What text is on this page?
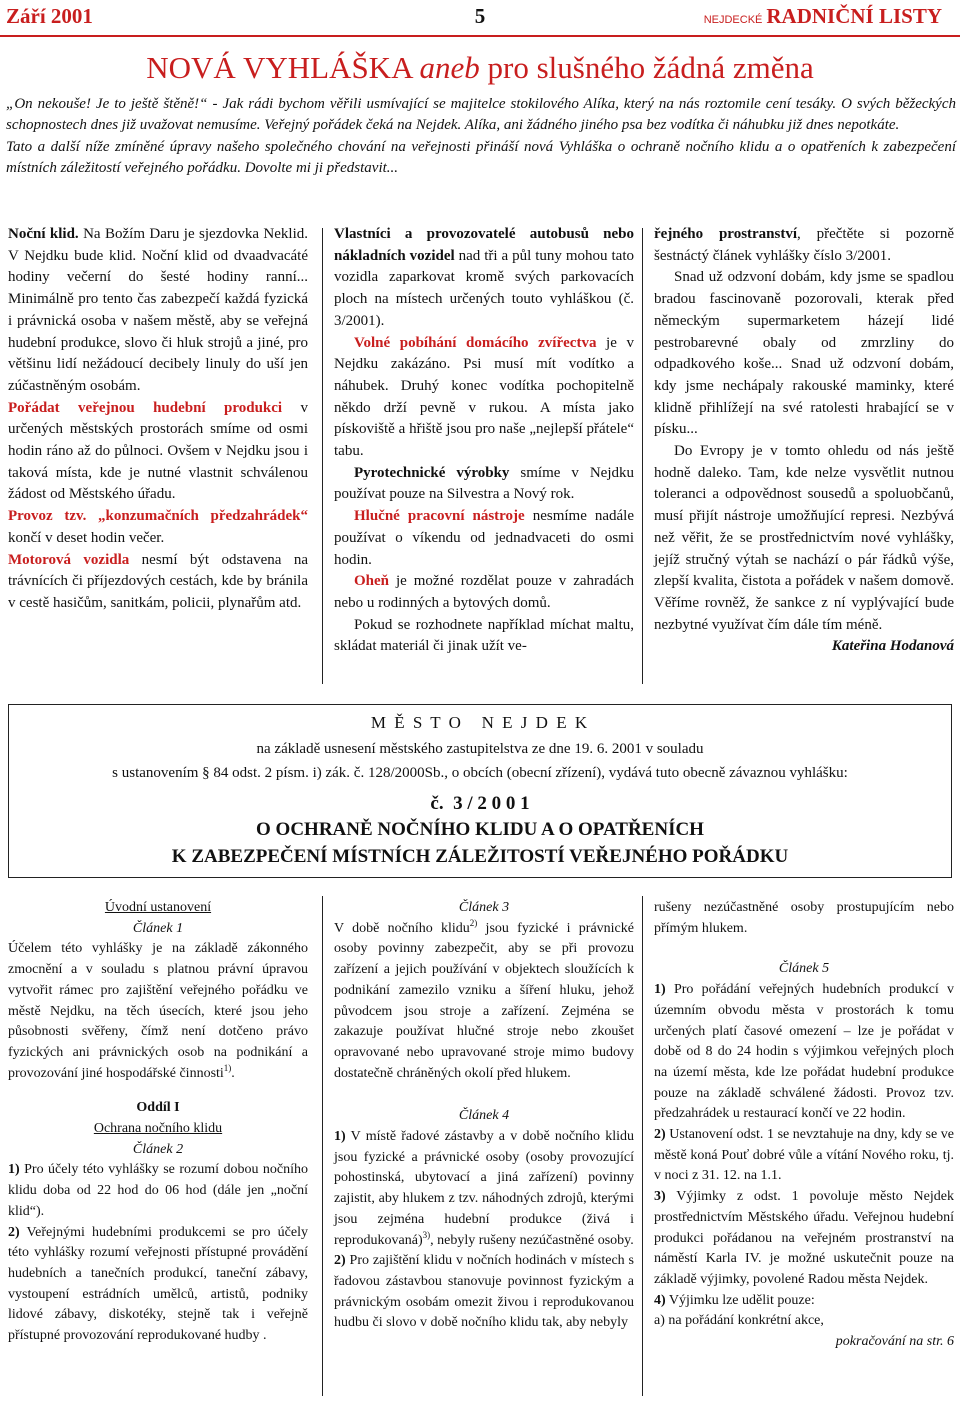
5
Září 2001	NEJDECKÉ RADNIČNÍ LISTY
NOVÁ VYHLÁŠKA aneb pro slušného žádná změna

„On nekouše! Je to ještě štěně!“ - Jak rádi bychom věřili usmívající se majitelce stokilového Alíka, který na nás roztomile cení tesáky. O svých běžeckých schopnostech dnes již uvažovat nemusíme. Veřejný pořádek čeká na Nejdek. Alíka, ani žádného jiného psa bez vodítka či náhubku již dnes nepotkáte.

Tato a další níže zmíněné úpravy našeho společného chování na veřejnosti přináší nová Vyhláška o ochraně nočního klidu a o opatřeních k zabezpečení místních záležitostí veřejného pořádku. Dovolte mi ji představit...

Noční klid. Na Božím Daru je sjezdovka Neklid. V Nejdku bude klid. Noční klid od dvaadvacáté hodiny večerní do šesté hodiny ranní... Minimálně pro tento čas zabezpečí každá fyzická i právnická osoba v našem městě, aby se veřejná hudební produkce, slovo či hluk strojů a jiné, pro většinu lidí nežádoucí decibely linuly do uší jen zúčastněným osobám.

Pořádat veřejnou hudební produkci v určených městských prostorách smíme od osmi hodin ráno až do půlnoci. Ovšem v Nejdku jsou i taková místa, kde je nutné vlastnit schválenou žádost od Městského úřadu.

Provoz tzv. „konzumačních předzahrádek“ končí v deset hodin večer.

Motorová vozidla nesmí být odstavena na trávnících či příjezdových cestách, kde by bránila v cestě hasičům, sanitkám, policii, plynařům atd.

Vlastníci a provozovatelé autobusů nebo nákladních vozidel nad tři a půl tuny mohou tato vozidla zaparkovat kromě svých parkovacích ploch na místech určených touto vyhláškou (č. 3/2001).

Volné pobíhání domácího zvířectva je v Nejdku zakázáno. Psi musí mít vodítko a náhubek. Druhý konec vodítka pochopitelně někdo drží pevně v rukou. A místa jako pískoviště a hřiště jsou pro naše „nejlepší přátele“ tabu.

Pyrotechnické výrobky smíme v Nejdku používat pouze na Silvestra a Nový rok.

Hlučné pracovní nástroje nesmíme nadále používat o víkendu od jednadvaceti do osmi hodin.

Oheň je možné rozdělat pouze v zahradách nebo u rodinných a bytových domů.

Pokud se rozhodnete například míchat maltu, skládat materiál či jinak užít ve-

řejného prostranství, přečtěte si pozorně šestnáctý článek vyhlášky číslo 3/2001.

Snad už odzvoní dobám, kdy jsme se spadlou bradou fascinovaně pozorovali, kterak před německým supermarketem házejí lidé pestrobarevné obaly od zmrzliny do odpadkového koše... Snad už odzvoní dobám, kdy jsme nechápaly rakouské maminky, které klidně přihlížejí na své ratolesti hrabající se v písku...

Do Evropy je v tomto ohledu od nás ještě hodně daleko. Tam, kde nelze vysvětlit nutnou toleranci a odpovědnost sousedů a spoluobčanů, musí přijít nástroje umožňující represi. Nezbývá než věřit, že se prostřednictvím nové vyhlášky, jejíž stručný výtah se nachází o pár řádků výše, zlepší kvalita, čistota a pořádek v našem domově. Věříme rovněž, že sankce z ní vyplývající bude nezbytné využívat čím dále tím méně.

Kateřina Hodanová

M Ě S T O   N E J D E K
na základě usnesení městského zastupitelstva ze dne 19. 6. 2001 v souladu
s ustanovením § 84 odst. 2 písm. i) zák. č. 128/2000Sb., o obcích (obecní zřízení), vydává tuto obecně závaznou vyhlášku:
č.  3 / 2 0 0 1
O OCHRANĚ NOČNÍHO KLIDU A O OPATŘENÍCH
K ZABEZPEČENÍ MÍSTNÍCH ZÁLEŽITOSTÍ VEŘEJNÉHO POŘÁDKU

Úvodní ustanovení

Článek 1

Účelem této vyhlášky je na základě zákonného zmocnění a v souladu s platnou právní úpravou vytvořit rámec pro zajištění veřejného pořádku ve městě Nejdku, na těch úsecích, které jsou jeho působnosti svěřeny, čímž není dotčeno právo fyzických ani právnických osob na podnikání a provozování jiné hospodářské činnosti$^{1)}$.

Oddíl I

Ochrana nočního klidu

Článek 2

1) Pro účely této vyhlášky se rozumí dobou nočního klidu doba od 22 hod do 06 hod (dále jen „noční klid“).

2) Veřejnými hudebními produkcemi se pro účely této vyhlášky rozumí veřejnosti přístupné provádění hudebních a tanečních produkcí, taneční zábavy, vystoupení estrádních umělců, artistů, podniky lidové zábavy, diskotéky, stejně tak i veřejně přístupné provozování reprodukované hudby .

Článek 3

V době nočního klidu$^{2)}$ jsou fyzické i právnické osoby povinny zabezpečit, aby se při provozu zařízení a jejich používání v objektech sloužících k podnikání zamezilo vzniku a šíření hluku, jehož původcem jsou stroje a zařízení. Zejména se zakazuje používat hlučné stroje nebo zkoušet opravované nebo upravované stroje mimo budovy dostatečně chráněných okolí před hlukem.

Článek 4

1) V místě řadové zástavby a v době nočního klidu jsou fyzické a právnické osoby (osoby provozující pohostinská, ubytovací a jiná zařízení) povinny zajistit, aby hlukem z tzv. náhodných zdrojů, kterými jsou zejména hudební produkce (živá i reprodukovaná)$^{3)}$, nebyly rušeny nezúčastněné osoby.

2) Pro zajištění klidu v nočních hodinách v místech s řadovou zástavbou stanovuje povinnost fyzickým a právnickým osobám omezit živou i reprodukovanou hudbu či slovo v době nočního klidu tak, aby nebyly

rušeny nezúčastněné osoby prostupujícím nebo přímým hlukem.

Článek 5

1) Pro pořádání veřejných hudebních produkcí v územním obvodu města v prostorách k tomu určených platí časové omezení – lze je pořádat v době od 8 do 24 hodin s výjimkou veřejných ploch na území města, kde lze pořádat hudební produkce pouze na základě schválené žádosti. Provoz tzv. předzahrádek u restaurací končí ve 22 hodin.

2) Ustanovení odst. 1 se nevztahuje na dny, kdy se ve městě koná Pouť dobré vůle a vítání Nového roku, tj. v noci z 31. 12. na 1.1.

3) Výjimky z odst. 1 povoluje město Nejdek prostřednictvím Městského úřadu. Veřejnou hudební produkci pořádanou na veřejném prostranství na náměstí Karla IV. je možné uskutečnit pouze na základě výjimky, povolené Radou města Nejdek.

4) Výjimku lze udělit pouze:

a) na pořádání konkrétní akce,

pokračování na str. 6
